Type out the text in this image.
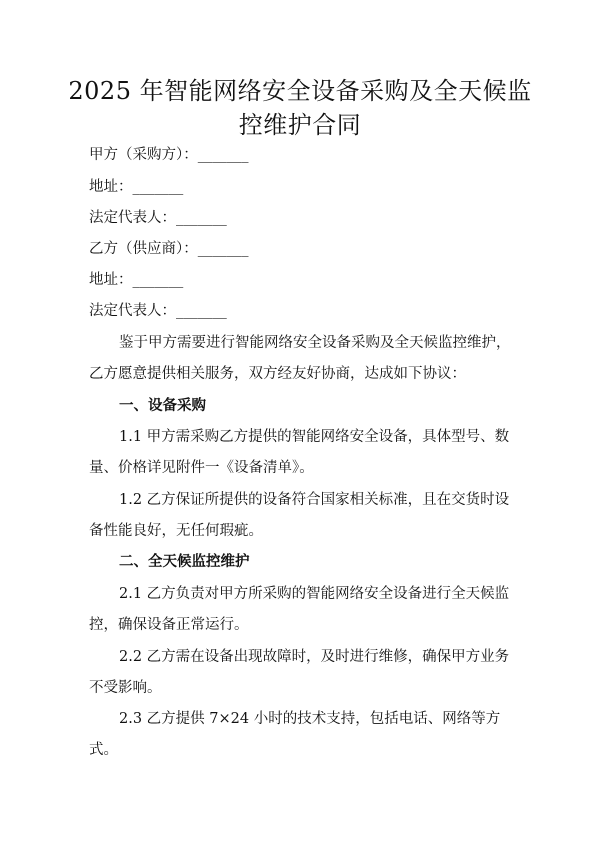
2025 年智能网络安全设备采购及全天候监
控维护合同
甲方（采购方）：_______
地址：_______
法定代表人：_______
乙方（供应商）：_______
地址：_______
法定代表人：_______
鉴于甲方需要进行智能网络安全设备采购及全天候监控维护，
乙方愿意提供相关服务，双方经友好协商，达成如下协议：
一、设备采购
1.1 甲方需采购乙方提供的智能网络安全设备，具体型号、数
量、价格详见附件一《设备清单》。
1.2 乙方保证所提供的设备符合国家相关标准，且在交货时设
备性能良好，无任何瑕疵。
二、全天候监控维护
2.1 乙方负责对甲方所采购的智能网络安全设备进行全天候监
控，确保设备正常运行。
2.2 乙方需在设备出现故障时，及时进行维修，确保甲方业务
不受影响。
2.3 乙方提供 7×24 小时的技术支持，包括电话、网络等方
式。
